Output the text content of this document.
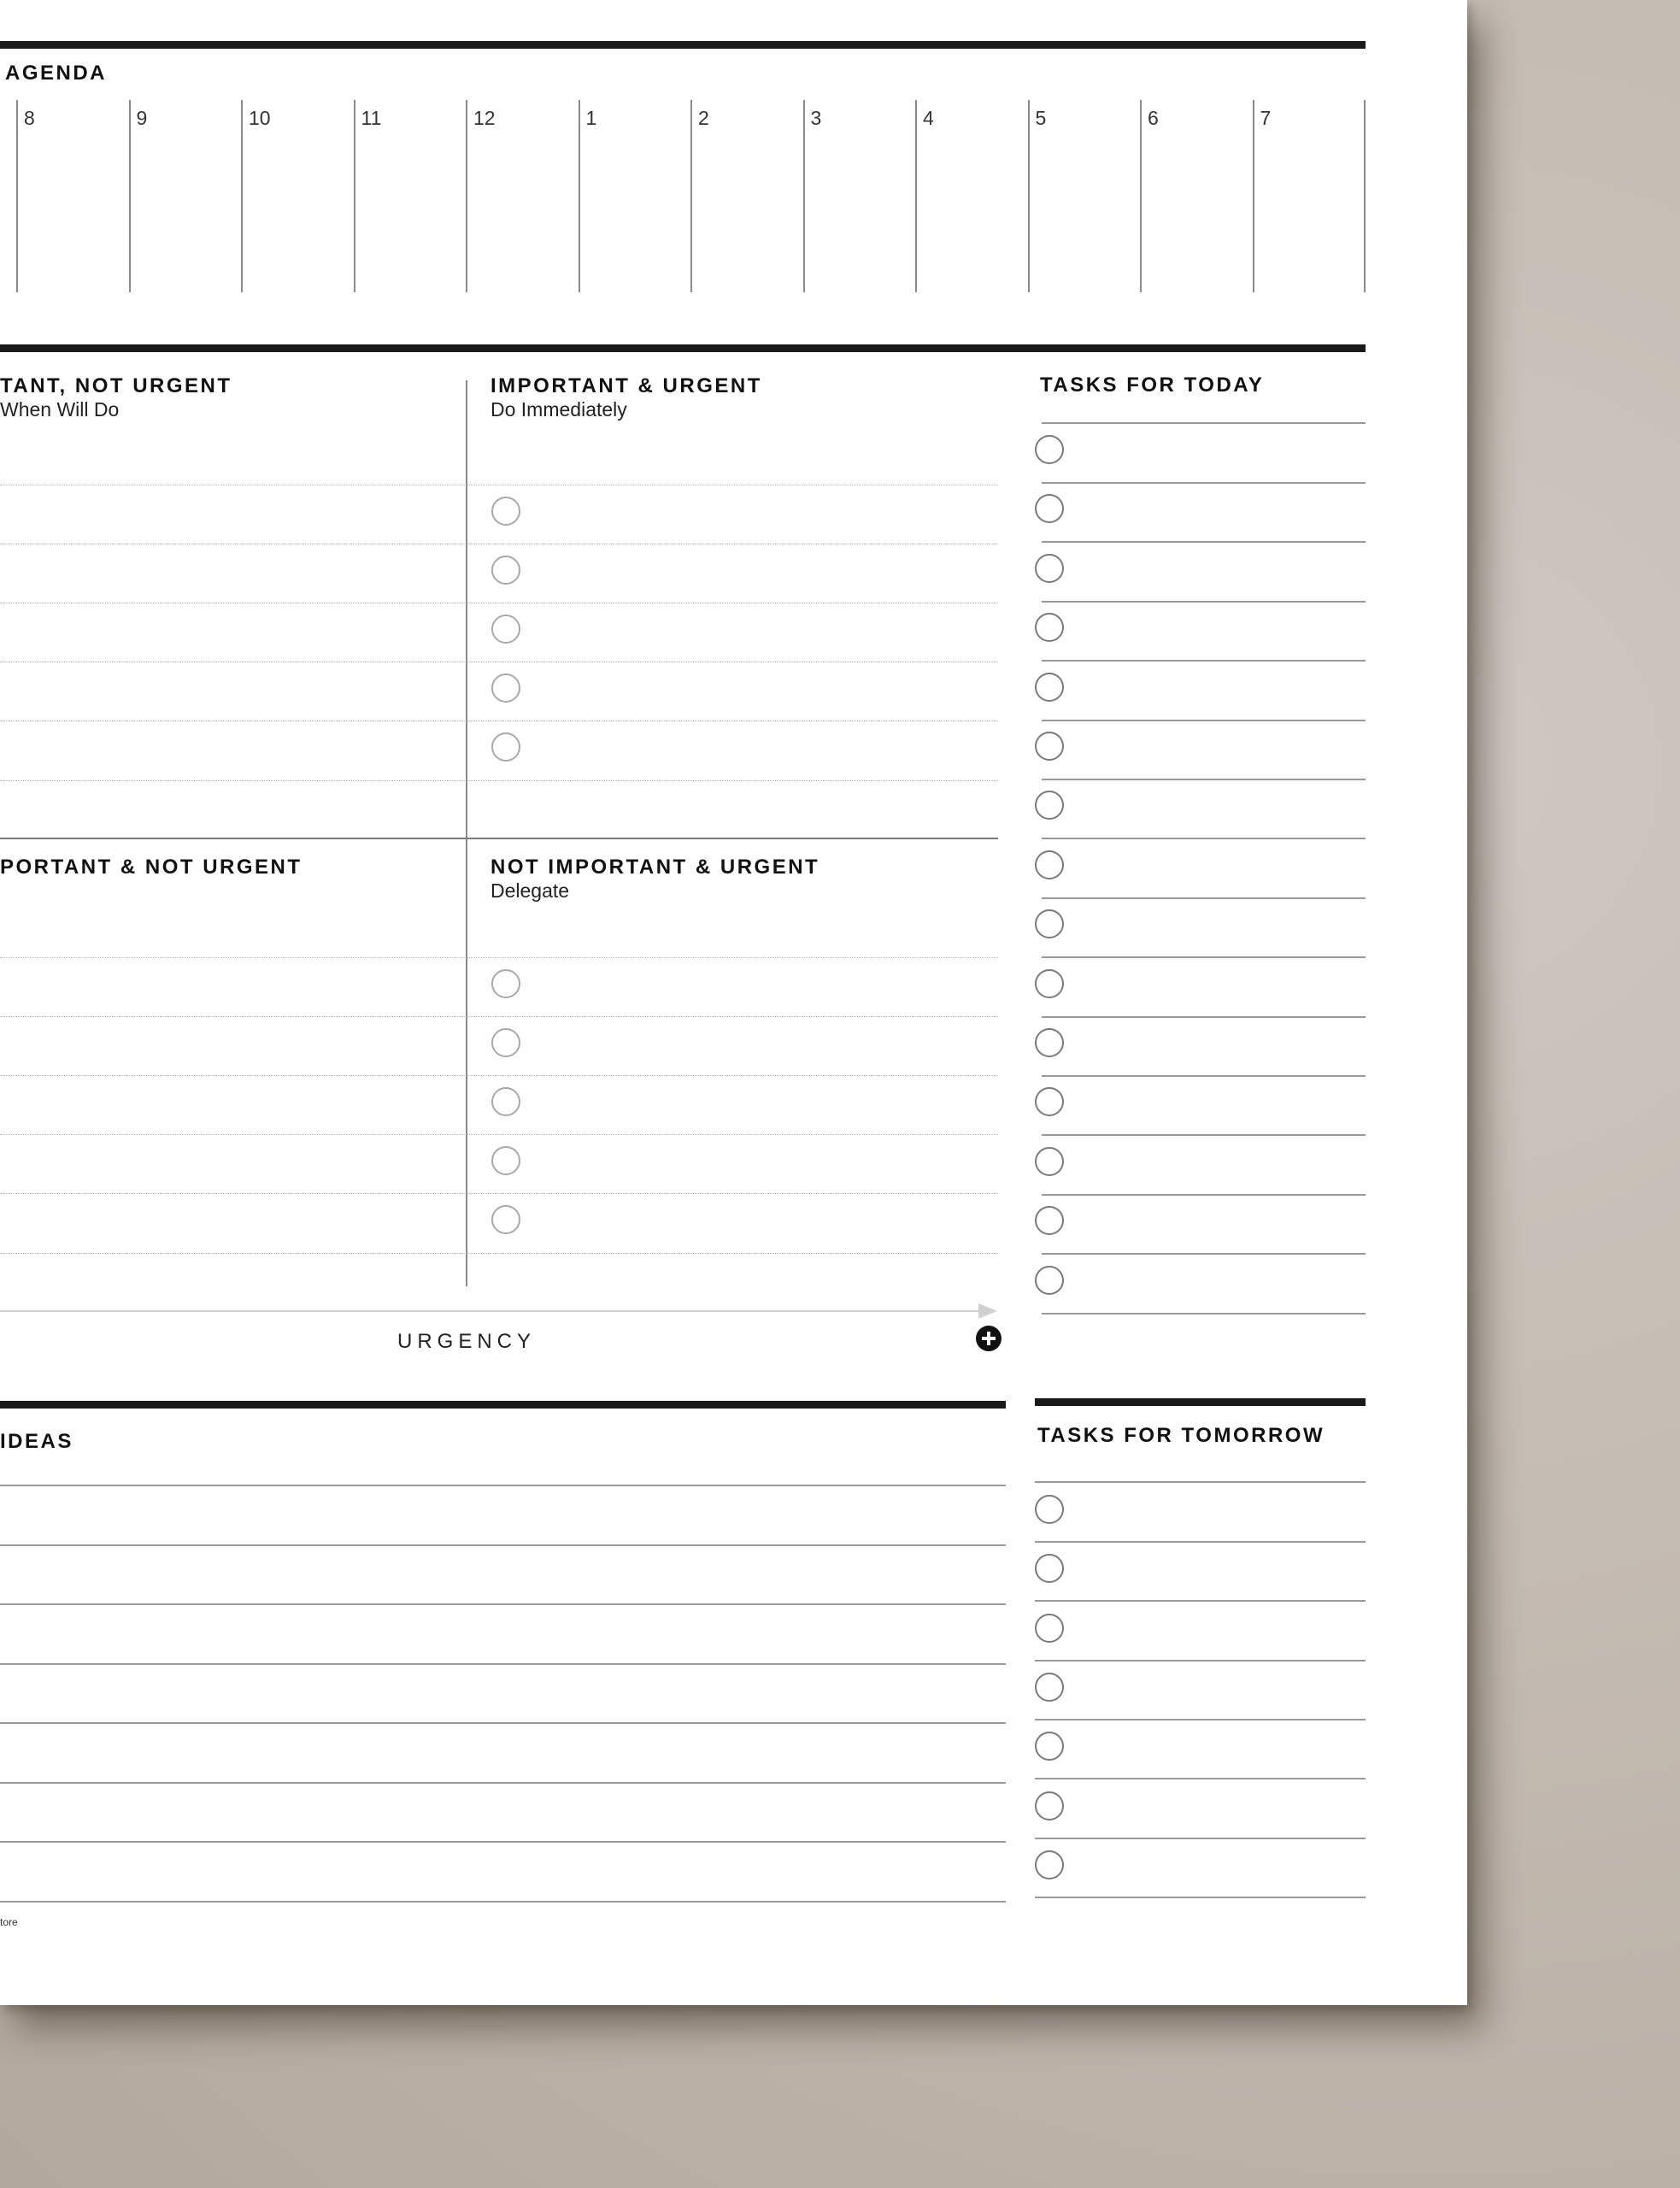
AGENDA
8	9	10	11	12	1	2	3	4	5	6	7
TANT, NOT URGENT
When Will Do
IMPORTANT & URGENT
Do Immediately
PORTANT & NOT URGENT	NOT IMPORTANT & URGENT
Delegate
URGENCY
TASKS FOR TODAY
IDEAS	TASKS FOR TOMORROW
tore
